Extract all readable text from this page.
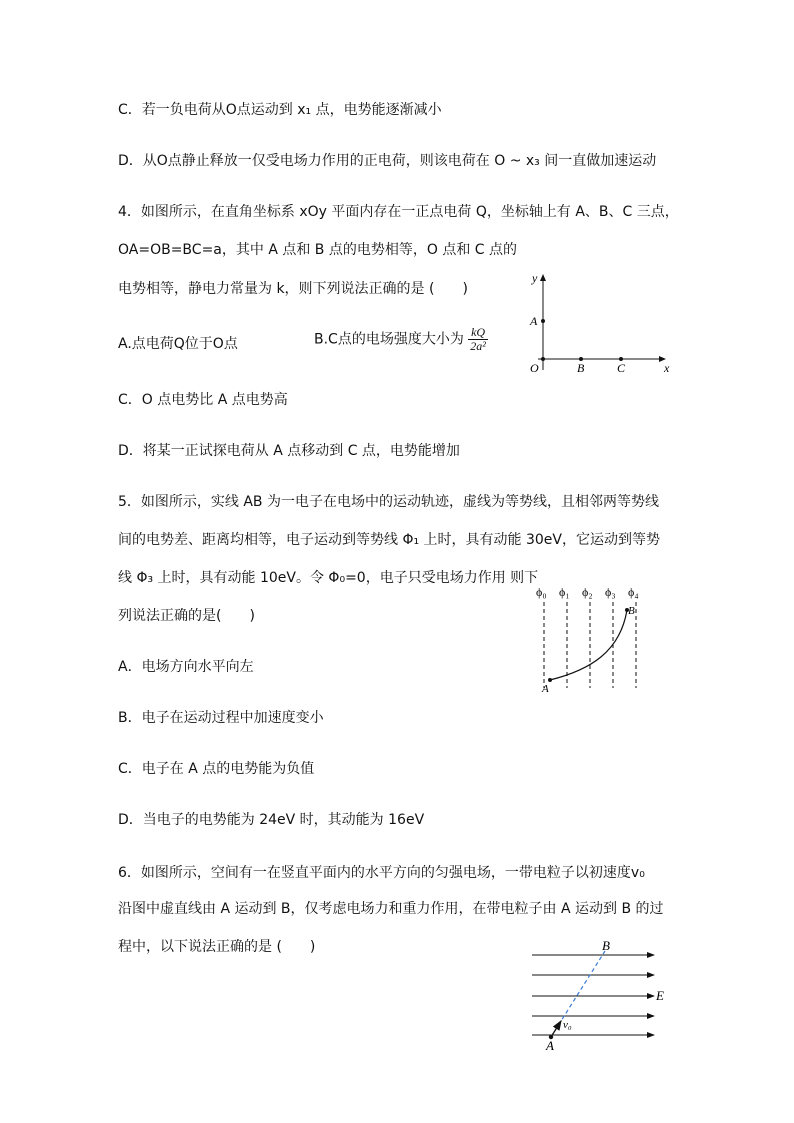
C．若一负电荷从O点运动到 x₁ 点，电势能逐渐减小
D．从O点静止释放一仅受电场力作用的正电荷，则该电荷在 O ~ x₃ 间一直做加速运动
4．如图所示，在直角坐标系 xOy 平面内存在一正点电荷 Q，坐标轴上有 A、B、C 三点，
OA=OB=BC=a，其中 A 点和 B 点的电势相等，O 点和 C 点的
电势相等，静电力常量为 k，则下列说法正确的是 (　　)
A.点电荷Q位于O点	B.C点的电场强度大小为 $\frac{kQ}{\text{2a²}}$
C．O 点电势比 A 点电势高
D．将某一正试探电荷从 A 点移动到 C 点，电势能增加
y
A
O	B	C	x
5．如图所示，实线 AB 为一电子在电场中的运动轨迹，虚线为等势线，且相邻两等势线
间的电势差、距离均相等，电子运动到等势线 Φ₁ 上时，具有动能 30eV，它运动到等势
线 Φ₃ 上时，具有动能 10eV。令 Φ₀=0，电子只受电场力作用 则下
列说法正确的是(　　)
A．电场方向水平向左
B．电子在运动过程中加速度变小
C．电子在 A 点的电势能为负值
D．当电子的电势能为 24eV 时，其动能为 16eV
ϕ₀ ϕ₁ ϕ₂ ϕ₃ ϕ₄
A
B
6．如图所示，空间有一在竖直平面内的水平方向的匀强电场，一带电粒子以初速度v₀
沿图中虚直线由 A 运动到 B，仅考虑电场力和重力作用，在带电粒子由 A 运动到 B 的过
程中，以下说法正确的是 (　　)	B
E
v₀
A
